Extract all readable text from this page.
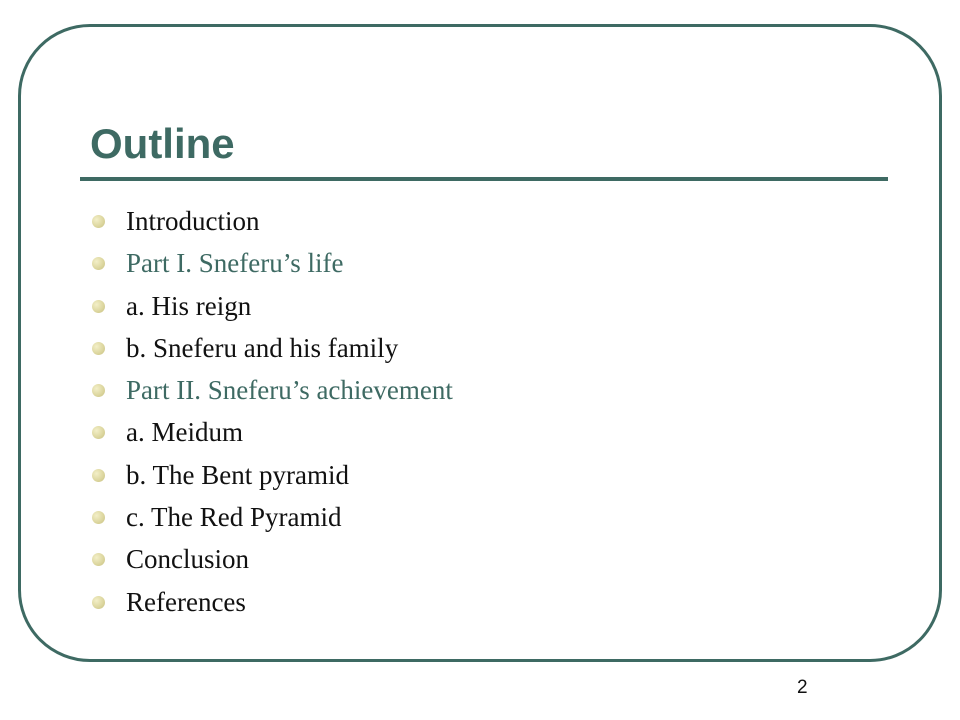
Outline
Introduction
Part I. Sneferu’s life
a. His reign
b. Sneferu and his family
Part II. Sneferu’s achievement
a. Meidum
b. The Bent pyramid
c. The Red Pyramid
Conclusion
References
2
